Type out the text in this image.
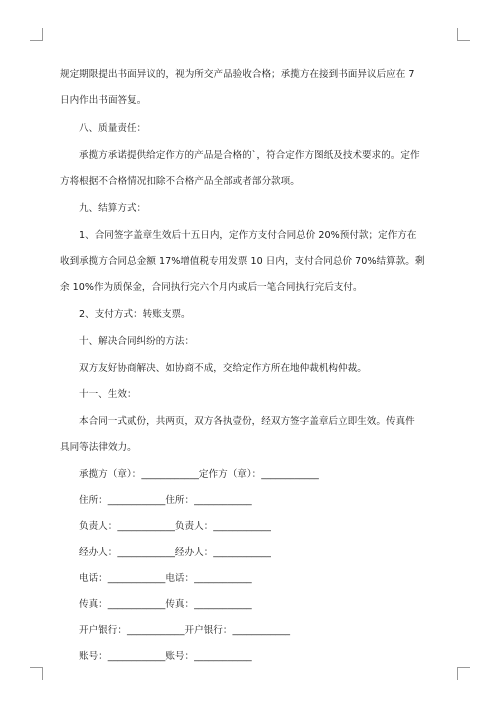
规定期限提出书面异议的，视为所交产品验收合格；承揽方在接到书面异议后应在 7
日内作出书面答复。
八、质量责任：
承揽方承诺提供给定作方的产品是合格的`，符合定作方图纸及技术要求的。定作
方将根据不合格情况扣除不合格产品全部或者部分款项。
九、结算方式：
1、合同签字盖章生效后十五日内，定作方支付合同总价 20%预付款；定作方在
收到承揽方合同总金额 17%增值税专用发票 10 日内，支付合同总价 70%结算款。剩
余 10%作为质保金，合同执行完六个月内或后一笔合同执行完后支付。
2、支付方式：转账支票。
十、解决合同纠纷的方法：
双方友好协商解决、如协商不成，交给定作方所在地仲裁机构仲裁。
十一、生效：
本合同一式贰份，共两页，双方各执壹份，经双方签字盖章后立即生效。传真件
具同等法律效力。
承揽方（章）：____________定作方（章）：____________
住所：____________住所：____________
负责人：____________负责人：____________
经办人：____________经办人：____________
电话：____________电话：____________
传真：____________传真：____________
开户银行：____________开户银行：____________
账号：____________账号：____________
